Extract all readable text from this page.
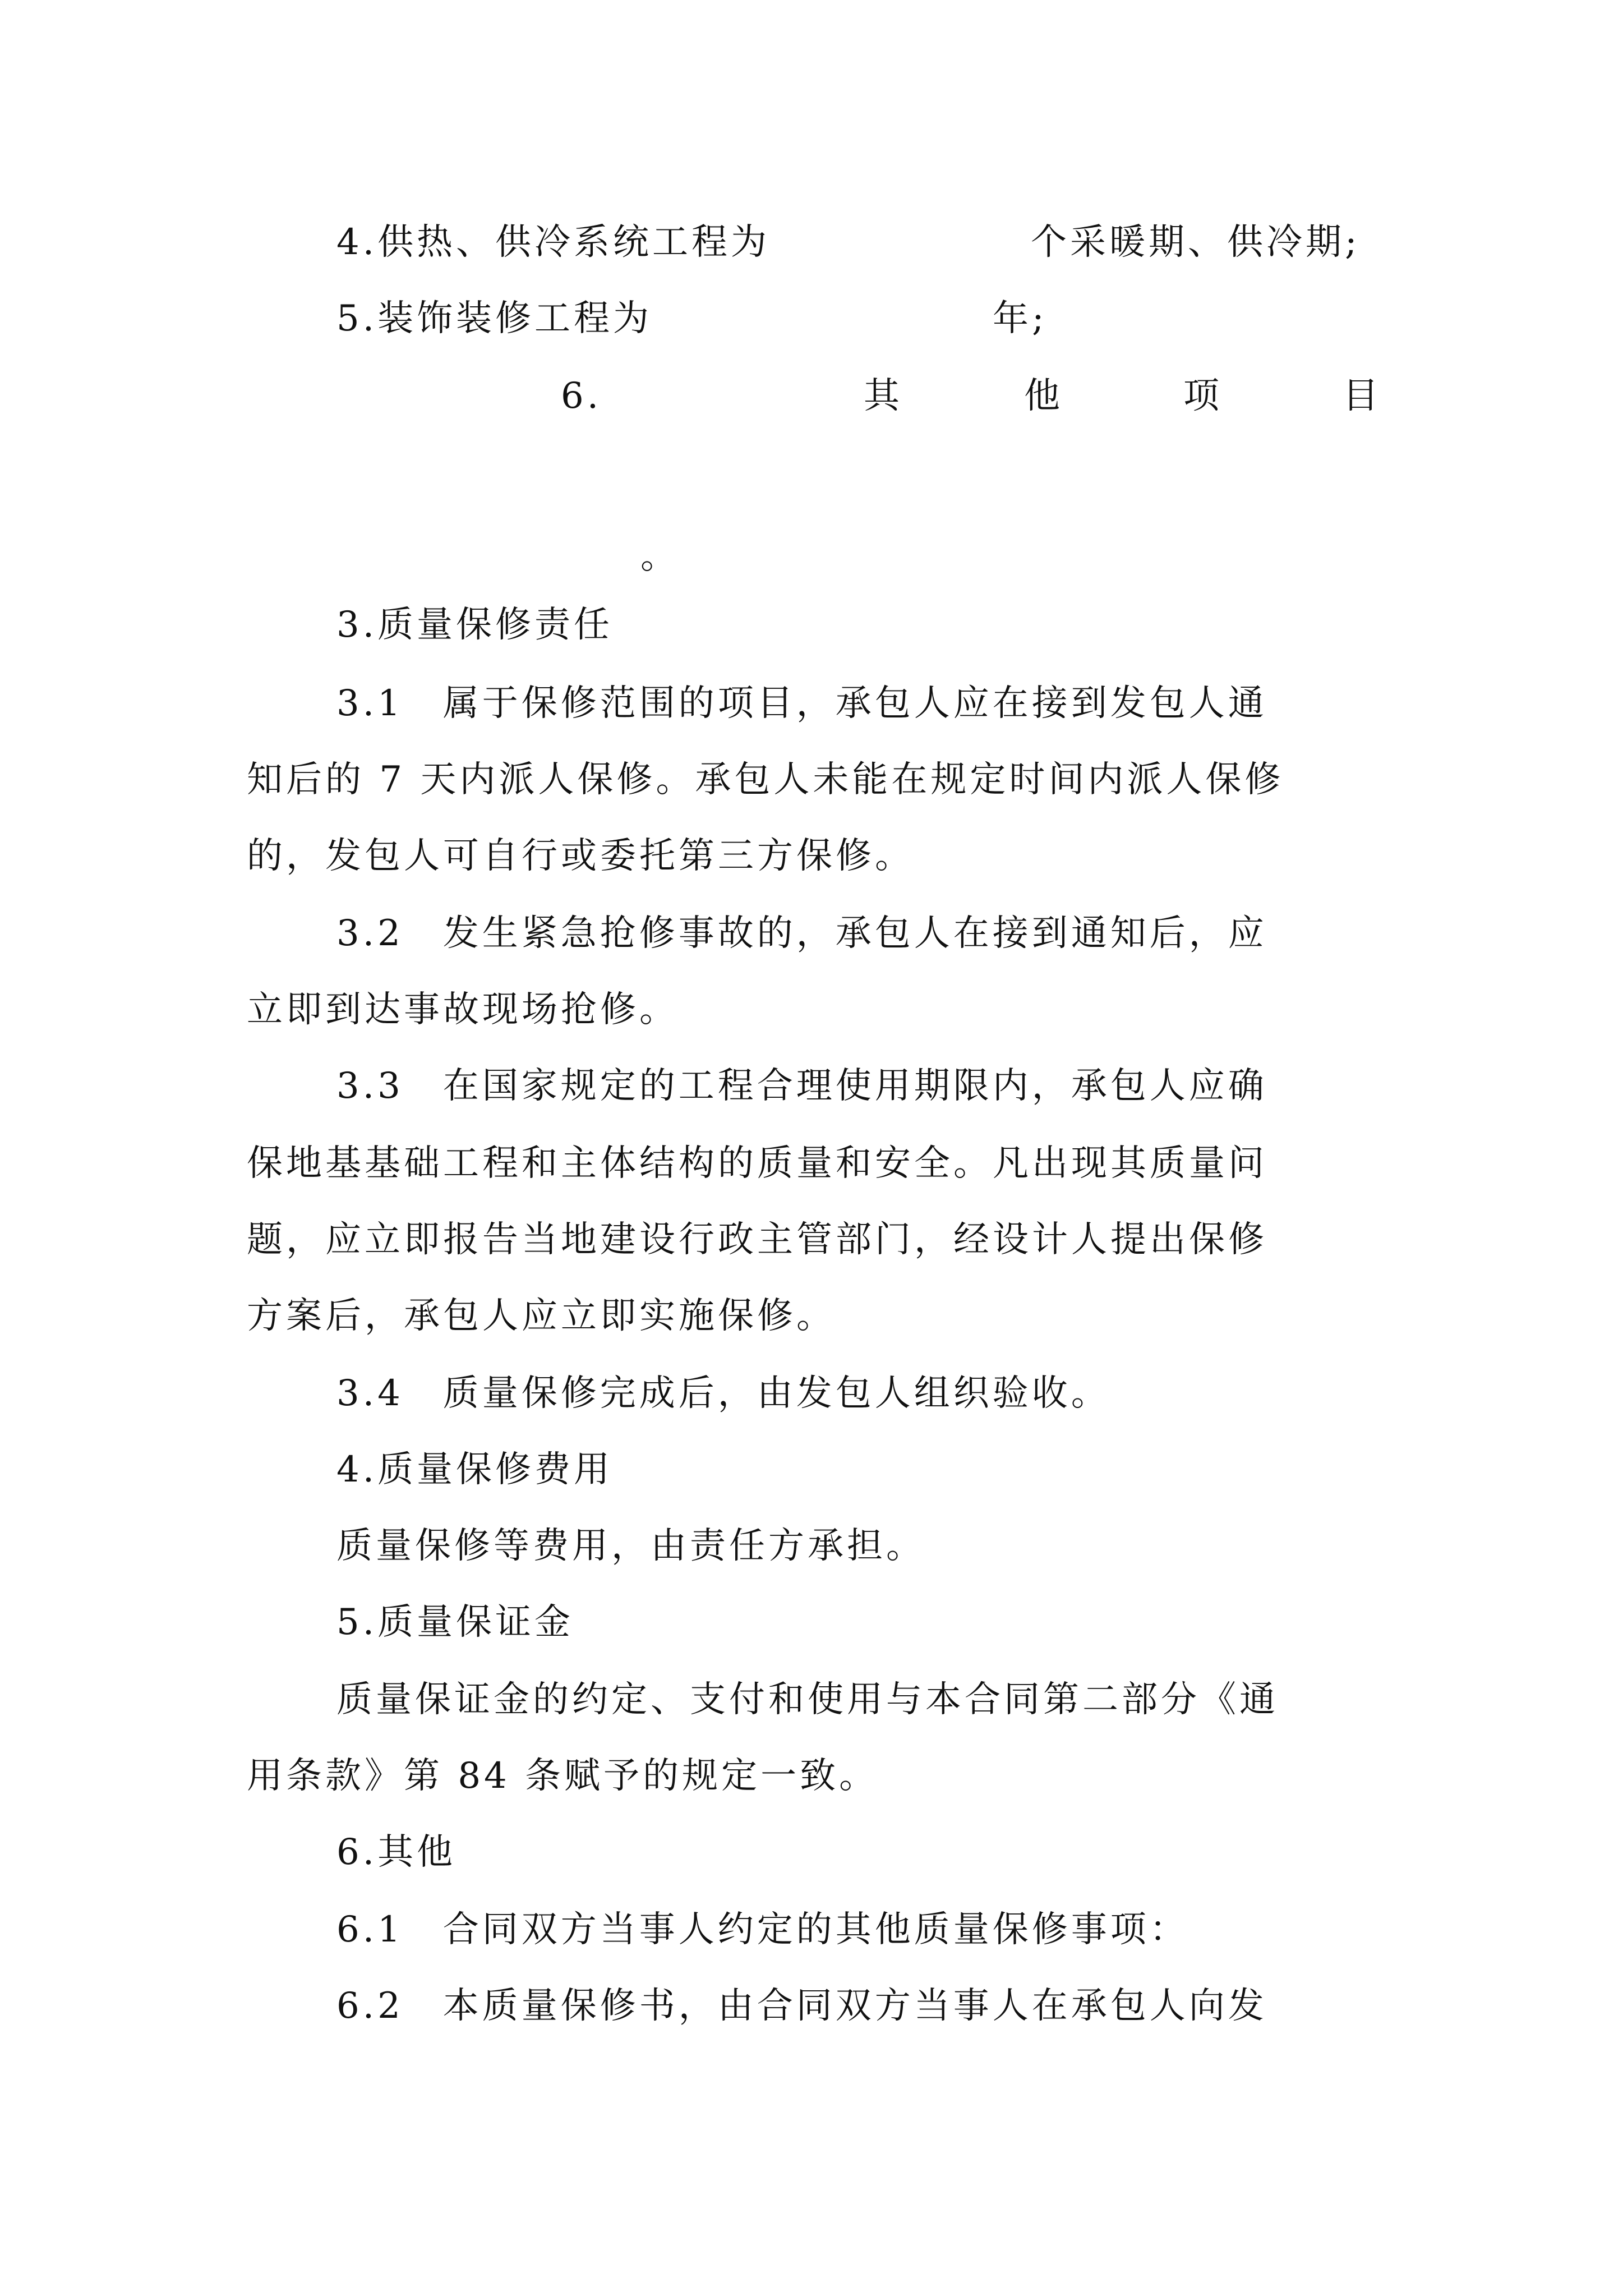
4.供热、供冷系统工程为	个采暖期、供冷期;
5.装饰装修工程为	年;
6.	其	他	项	目
。
3.质量保修责任
3.1　属于保修范围的项目，承包人应在接到发包人通
知后的 7 天内派人保修。承包人未能在规定时间内派人保修
的，发包人可自行或委托第三方保修。
3.2　发生紧急抢修事故的，承包人在接到通知后，应
立即到达事故现场抢修。
3.3　在国家规定的工程合理使用期限内，承包人应确
保地基基础工程和主体结构的质量和安全。凡出现其质量问
题，应立即报告当地建设行政主管部门，经设计人提出保修
方案后，承包人应立即实施保修。
3.4　质量保修完成后，由发包人组织验收。
4.质量保修费用
质量保修等费用，由责任方承担。
5.质量保证金
质量保证金的约定、支付和使用与本合同第二部分《通
用条款》第 84 条赋予的规定一致。
6.其他
6.1　合同双方当事人约定的其他质量保修事项：
6.2　本质量保修书，由合同双方当事人在承包人向发
